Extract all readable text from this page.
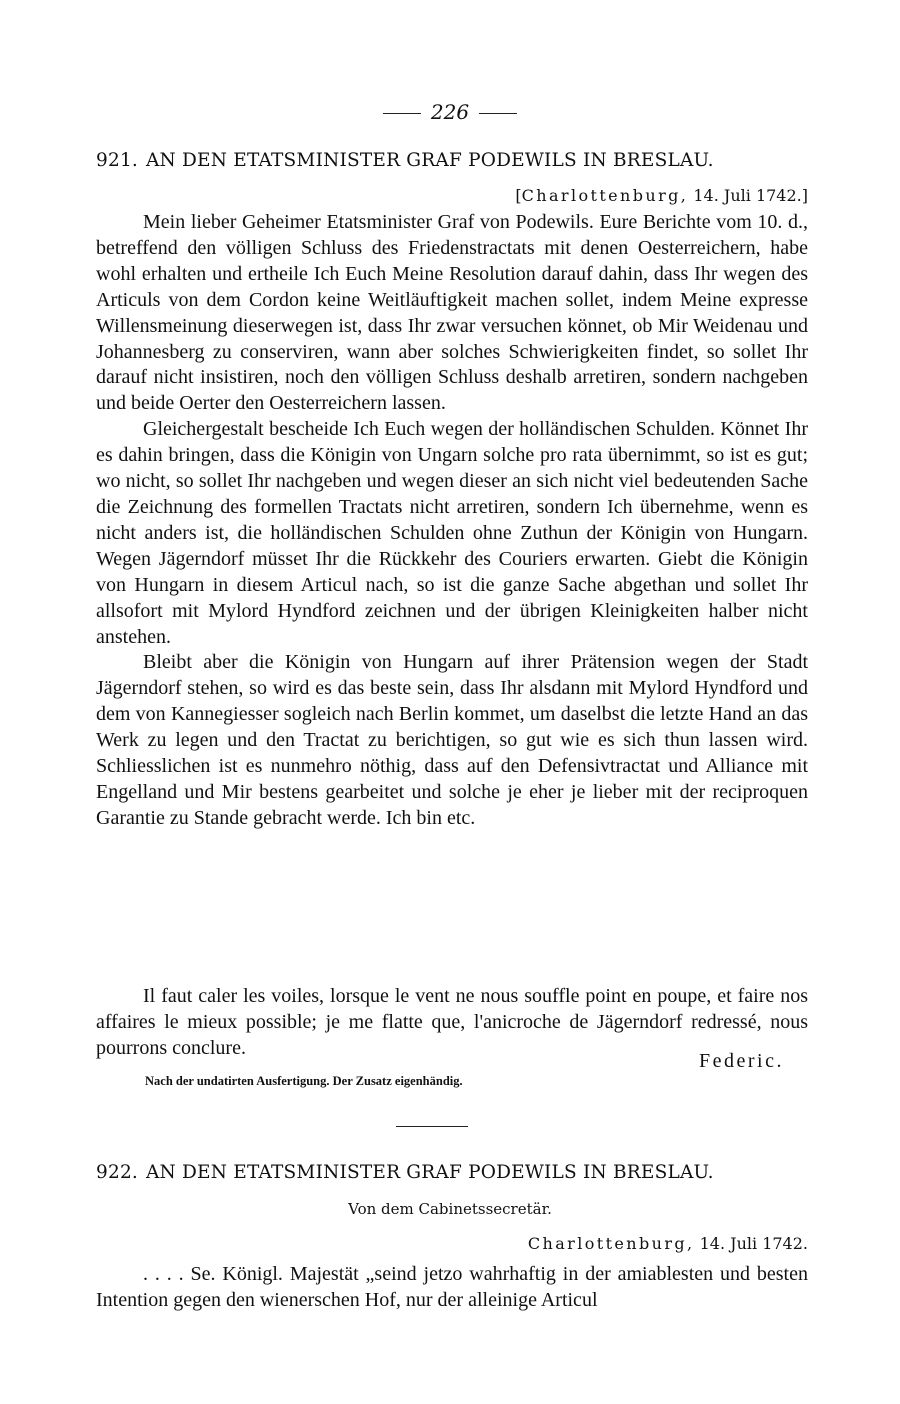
226
921. AN DEN ETATSMINISTER GRAF PODEWILS IN BRESLAU.
[Charlottenburg, 14. Juli 1742.]

Mein lieber Geheimer Etatsminister Graf von Podewils. Eure Berichte vom 10. d., betreffend den völligen Schluss des Friedenstractats mit denen Oesterreichern, habe wohl erhalten und ertheile Ich Euch Meine Resolution darauf dahin, dass Ihr wegen des Articuls von dem Cordon keine Weitläuftigkeit machen sollet, indem Meine expresse Willensmeinung dieserwegen ist, dass Ihr zwar versuchen könnet, ob Mir Weidenau und Johannesberg zu conserviren, wann aber solches Schwierigkeiten findet, so sollet Ihr darauf nicht insistiren, noch den völligen Schluss deshalb arretiren, sondern nachgeben und beide Oerter den Oesterreichern lassen.

Gleichergestalt bescheide Ich Euch wegen der holländischen Schulden. Könnet Ihr es dahin bringen, dass die Königin von Ungarn solche pro rata übernimmt, so ist es gut; wo nicht, so sollet Ihr nachgeben und wegen dieser an sich nicht viel bedeutenden Sache die Zeichnung des formellen Tractats nicht arretiren, sondern Ich übernehme, wenn es nicht anders ist, die holländischen Schulden ohne Zuthun der Königin von Hungarn. Wegen Jägerndorf müsset Ihr die Rückkehr des Couriers erwarten. Giebt die Königin von Hungarn in diesem Articul nach, so ist die ganze Sache abgethan und sollet Ihr allsofort mit Mylord Hyndford zeichnen und der übrigen Kleinigkeiten halber nicht anstehen.

Bleibt aber die Königin von Hungarn auf ihrer Prätension wegen der Stadt Jägerndorf stehen, so wird es das beste sein, dass Ihr alsdann mit Mylord Hyndford und dem von Kannegiesser sogleich nach Berlin kommet, um daselbst die letzte Hand an das Werk zu legen und den Tractat zu berichtigen, so gut wie es sich thun lassen wird. Schliesslichen ist es nunmehro nöthig, dass auf den Defensivtractat und Alliance mit Engelland und Mir bestens gearbeitet und solche je eher je lieber mit der reciproquen Garantie zu Stande gebracht werde. Ich bin etc.

Il faut caler les voiles, lorsque le vent ne nous souffle point en poupe, et faire nos affaires le mieux possible; je me flatte que, l'anicroche de Jägerndorf redressé, nous pourrons conclure.

Federic.
Nach der undatirten Ausfertigung. Der Zusatz eigenhändig.
922. AN DEN ETATSMINISTER GRAF PODEWILS IN BRESLAU.
Von dem Cabinetssecretär.
Charlottenburg, 14. Juli 1742.

. . . . Se. Königl. Majestät „seind jetzo wahrhaftig in der amiablesten und besten Intention gegen den wienerschen Hof, nur der alleinige Articul
